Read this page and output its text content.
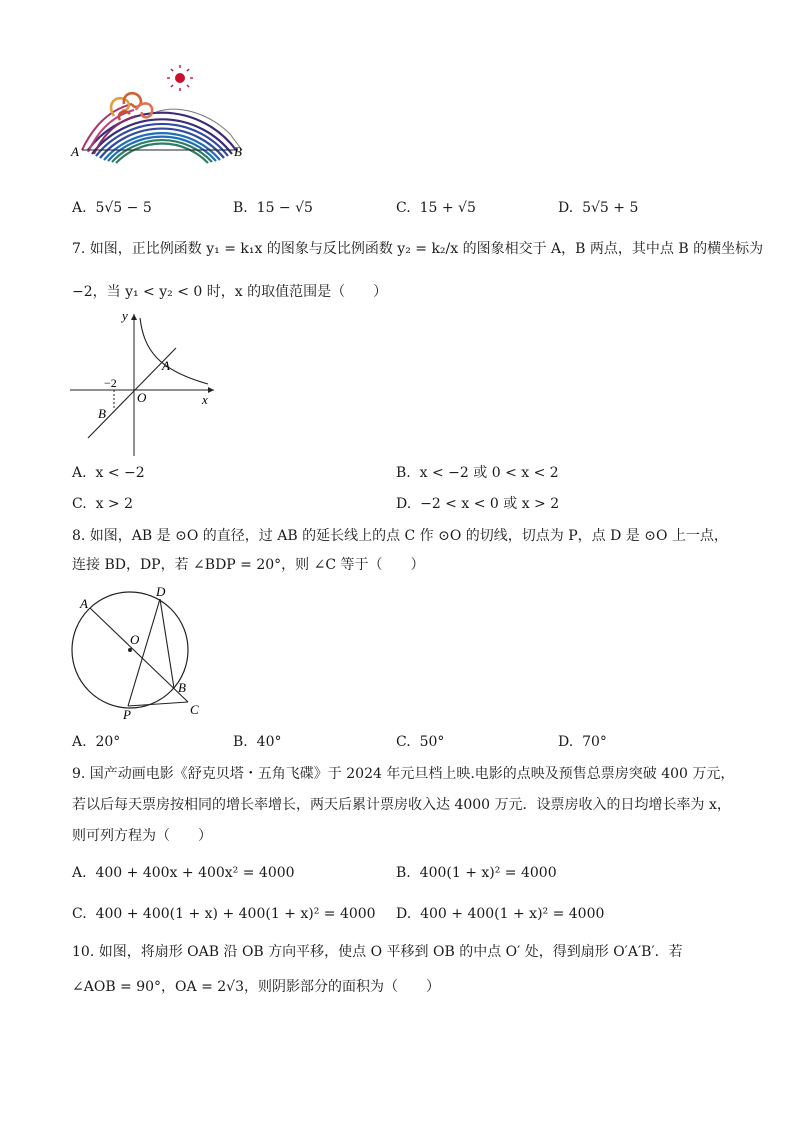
A	B
A. 5√5 − 5	B. 15 − √5	C. 15 + √5	D. 5√5 + 5
7. 如图，正比例函数 y₁ = k₁x 的图象与反比例函数 y₂ = k₂/x 的图象相交于 A，B 两点，其中点 B 的横坐标为
−2，当 y₁ < y₂ < 0 时，x 的取值范围是（　　）
y
x
O
A
B
−2
A. x < −2	B. x < −2 或 0 < x < 2
C. x > 2	D. −2 < x < 0 或 x > 2
8. 如图，AB 是 ⊙O 的直径，过 AB 的延长线上的点 C 作 ⊙O 的切线，切点为 P，点 D 是 ⊙O 上一点，
连接 BD，DP，若 ∠BDP = 20°，则 ∠C 等于（　　）
A
D
O
B
P	C
A. 20°	B. 40°	C. 50°	D. 70°
9. 国产动画电影《舒克贝塔・五角飞碟》于 2024 年元旦档上映.电影的点映及预售总票房突破 400 万元，
若以后每天票房按相同的增长率增长，两天后累计票房收入达 4000 万元．设票房收入的日均增长率为 x，
则可列方程为（　　）
A. 400 + 400x + 400x² = 4000	B. 400(1 + x)² = 4000
C. 400 + 400(1 + x) + 400(1 + x)² = 4000 D. 400 + 400(1 + x)² = 4000
10. 如图，将扇形 OAB 沿 OB 方向平移，使点 O 平移到 OB 的中点 O′ 处，得到扇形 O′A′B′．若
∠AOB = 90°，OA = 2√3，则阴影部分的面积为（　　）
